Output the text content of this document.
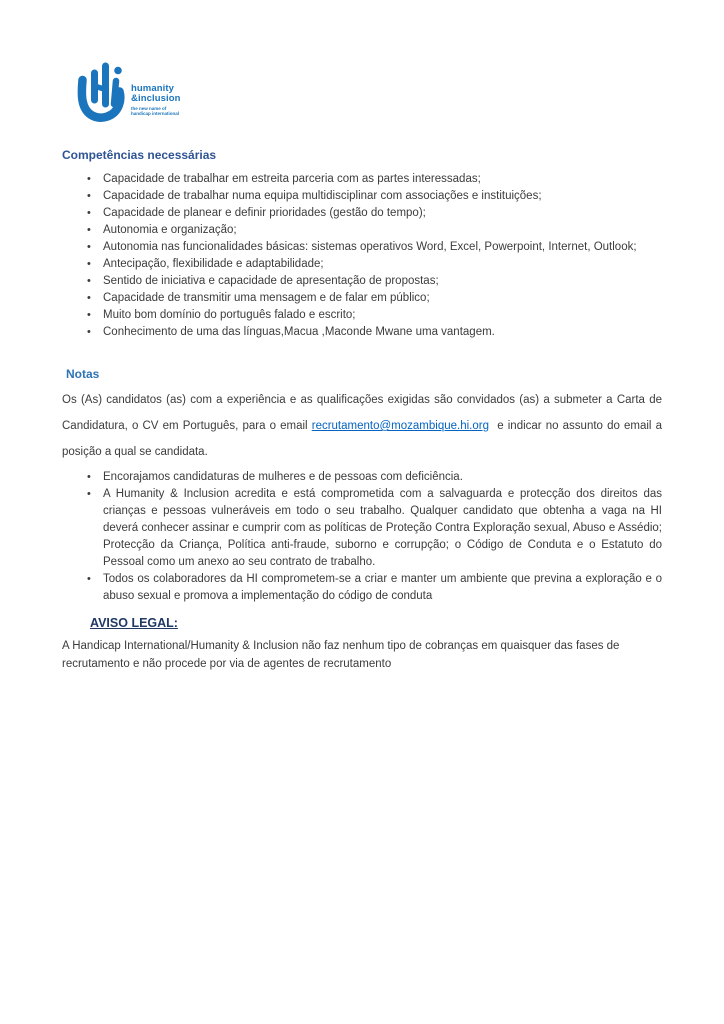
humanity
&inclusion
the new name of
handicap international
Competências necessárias
• Capacidade de trabalhar em estreita parceria com as partes interessadas;
• Capacidade de trabalhar numa equipa multidisciplinar com associações e instituições;
• Capacidade de planear e definir prioridades (gestão do tempo);
• Autonomia e organização;
• Autonomia nas funcionalidades básicas: sistemas operativos Word, Excel, Powerpoint, Internet, Outlook;
• Antecipação, flexibilidade e adaptabilidade;
• Sentido de iniciativa e capacidade de apresentação de propostas;
• Capacidade de transmitir uma mensagem e de falar em público;
• Muito bom domínio do português falado e escrito;
• Conhecimento de uma das línguas,Macua ,Maconde Mwane uma vantagem.
Notas

Os (As) candidatos (as) com a experiência e as qualificações exigidas são convidados (as) a submeter a Carta de Candidatura, o CV em Português, para o email recrutamento@mozambique.hi.org  e indicar no assunto do email a posição a qual se candidata.

• Encorajamos candidaturas de mulheres e de pessoas com deficiência.
• A Humanity & Inclusion acredita e está comprometida com a salvaguarda e protecção dos direitos das crianças e pessoas vulneráveis em todo o seu trabalho. Qualquer candidato que obtenha a vaga na HI deverá conhecer assinar e cumprir com as políticas de Proteção Contra Exploração sexual, Abuso e Assédio; Protecção da Criança, Política anti-fraude, suborno e corrupção; o Código de Conduta e o Estatuto do Pessoal como um anexo ao seu contrato de trabalho.
• Todos os colaboradores da HI comprometem-se a criar e manter um ambiente que previna a exploração e o abuso sexual e promova a implementação do código de conduta
AVISO LEGAL:

A Handicap International/Humanity & Inclusion não faz nenhum tipo de cobranças em quaisquer das fases de recrutamento e não procede por via de agentes de recrutamento
